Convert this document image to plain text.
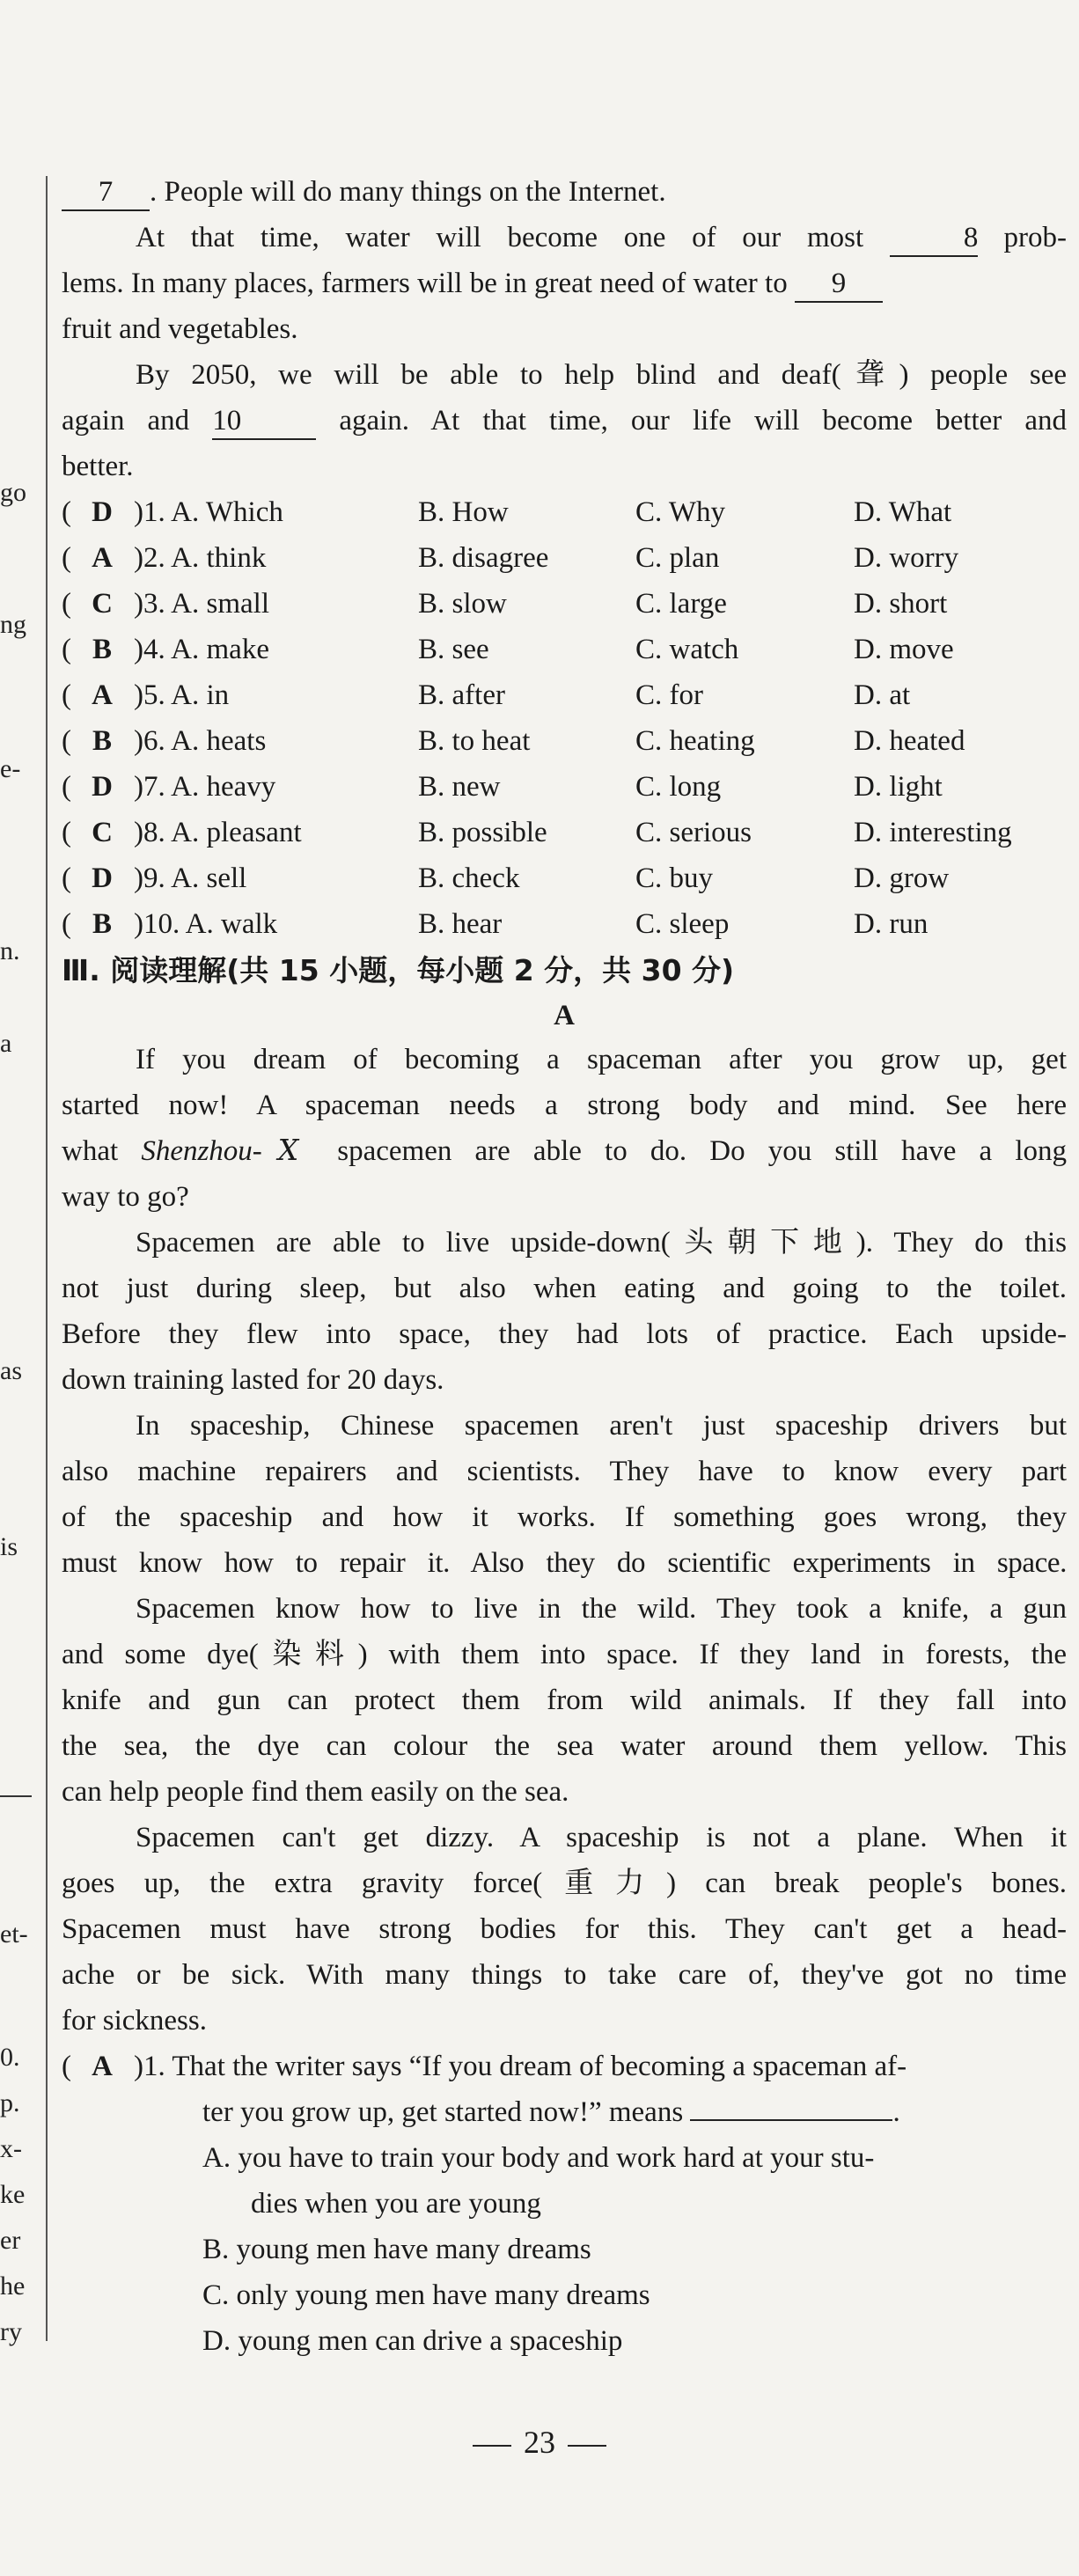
go
ng
e-
n.
a
as
is
et-
0.
p.
x-
ke
er
he
ry
7 . People will do many things on the Internet.
At that time, water will become one of our most	8 prob-
lems. In many places, farmers will be in great need of water to 9
fruit and vegetables.
By 2050, we will be able to help blind and deaf(聋) people see
again and 10	again. At that time, our life will become better and
better.
( D )1. A. Which	B. How	C. Why	D. What
( A )2. A. think	B. disagree	C. plan	D. worry
( C )3. A. small	B. slow	C. large	D. short
( B )4. A. make	B. see	C. watch	D. move
( A )5. A. in	B. after	C. for	D. at
( B )6. A. heats	B. to heat	C. heating	D. heated
( D )7. A. heavy	B. new	C. long	D. light
( C )8. A. pleasant	B. possible	C. serious	D. interesting
( D )9. A. sell	B. check	C. buy	D. grow
( B )10. A. walk	B. hear	C. sleep	D. run
Ⅲ. 阅读理解(共 15 小题，每小题 2 分，共 30 分)
A
If you dream of becoming a spaceman after you grow up, get
started now! A spaceman needs a strong body and mind. See here
what Shenzhou-Ⅹ spacemen are able to do. Do you still have a long
way to go?
Spacemen are able to live upside-down(头朝下地). They do this
not just during sleep, but also when eating and going to the toilet.
Before they flew into space, they had lots of practice. Each upside-
down training lasted for 20 days.
In spaceship, Chinese spacemen aren't just spaceship drivers but
also machine repairers and scientists. They have to know every part
of the spaceship and how it works. If something goes wrong, they
must know how to repair it. Also they do scientific experiments in space.
Spacemen know how to live in the wild. They took a knife, a gun
and some dye(染料) with them into space. If they land in forests, the
knife and gun can protect them from wild animals. If they fall into
the sea, the dye can colour the sea water around them yellow. This
can help people find them easily on the sea.
Spacemen can't get dizzy. A spaceship is not a plane. When it
goes up, the extra gravity force(重力) can break people's bones.
Spacemen must have strong bodies for this. They can't get a head-
ache or be sick. With many things to take care of, they've got no time
for sickness.
( A )1. That the writer says “If you dream of becoming a spaceman af-
ter you grow up, get started now!” means	.
A. you have to train your body and work hard at your stu-
dies when you are young
B. young men have many dreams
C. only young men have many dreams
D. young men can drive a spaceship
23
